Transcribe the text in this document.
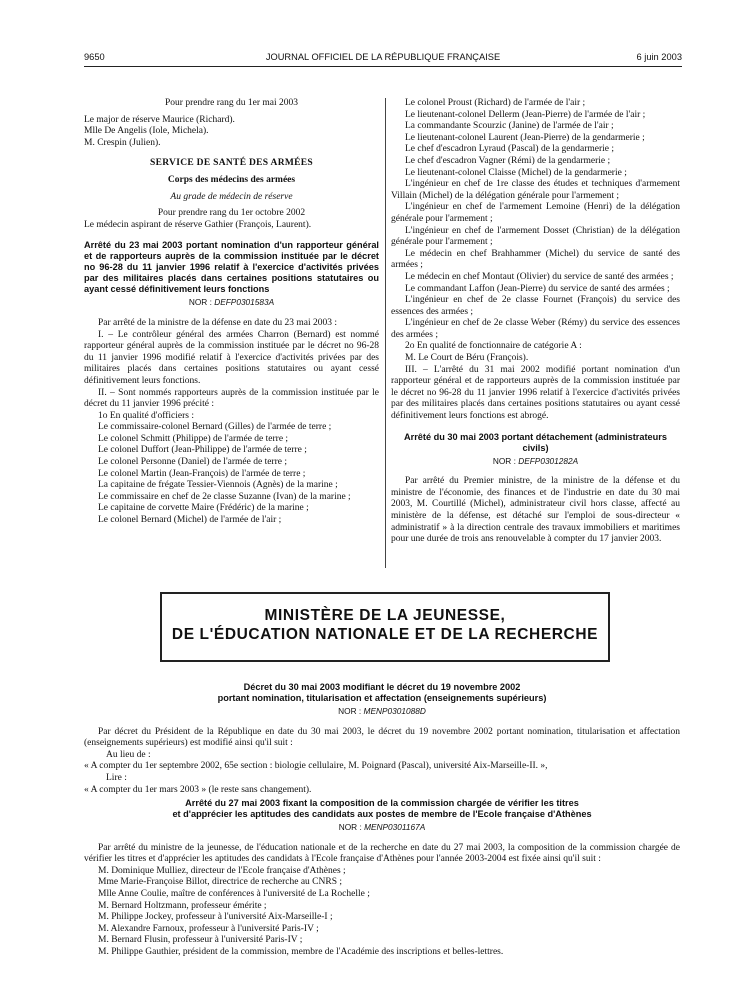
9650	JOURNAL OFFICIEL DE LA RÉPUBLIQUE FRANÇAISE	6 juin 2003

Pour prendre rang du 1er mai 2003

Le major de réserve Maurice (Richard).

Mlle De Angelis (Iole, Michela).

M. Crespin (Julien).

SERVICE DE SANTÉ DES ARMÉES

Corps des médecins des armées

Au grade de médecin de réserve

Pour prendre rang du 1er octobre 2002

Le médecin aspirant de réserve Gathier (François, Laurent).

Arrêté du 23 mai 2003 portant nomination d'un rapporteur général et de rapporteurs auprès de la commission instituée par le décret no 96-28 du 11 janvier 1996 relatif à l'exercice d'activités privées par des militaires placés dans certaines positions statutaires ou ayant cessé définitivement leurs fonctions

NOR : DEFP0301583A

Par arrêté de la ministre de la défense en date du 23 mai 2003 :

I. – Le contrôleur général des armées Charron (Bernard) est nommé rapporteur général auprès de la commission instituée par le décret no 96-28 du 11 janvier 1996 modifié relatif à l'exercice d'activités privées par des militaires placés dans certaines positions statutaires ou ayant cessé définitivement leurs fonctions.

II. – Sont nommés rapporteurs auprès de la commission instituée par le décret du 11 janvier 1996 précité :

1o En qualité d'officiers :

Le commissaire-colonel Bernard (Gilles) de l'armée de terre ;

Le colonel Schmitt (Philippe) de l'armée de terre ;

Le colonel Duffort (Jean-Philippe) de l'armée de terre ;

Le colonel Personne (Daniel) de l'armée de terre ;

Le colonel Martin (Jean-François) de l'armée de terre ;

La capitaine de frégate Tessier-Viennois (Agnès) de la marine ;

Le commissaire en chef de 2e classe Suzanne (Ivan) de la marine ;

Le capitaine de corvette Maire (Frédéric) de la marine ;

Le colonel Bernard (Michel) de l'armée de l'air ;

Le colonel Proust (Richard) de l'armée de l'air ;

Le lieutenant-colonel Dellerm (Jean-Pierre) de l'armée de l'air ;

La commandante Scourzic (Janine) de l'armée de l'air ;

Le lieutenant-colonel Laurent (Jean-Pierre) de la gendarmerie ;

Le chef d'escadron Lyraud (Pascal) de la gendarmerie ;

Le chef d'escadron Vagner (Rémi) de la gendarmerie ;

Le lieutenant-colonel Claisse (Michel) de la gendarmerie ;

L'ingénieur en chef de 1re classe des études et techniques d'armement Villain (Michel) de la délégation générale pour l'armement ;

L'ingénieur en chef de l'armement Lemoine (Henri) de la délégation générale pour l'armement ;

L'ingénieur en chef de l'armement Dosset (Christian) de la délégation générale pour l'armement ;

Le médecin en chef Brahhammer (Michel) du service de santé des armées ;

Le médecin en chef Montaut (Olivier) du service de santé des armées ;

Le commandant Laffon (Jean-Pierre) du service de santé des armées ;

L'ingénieur en chef de 2e classe Fournet (François) du service des essences des armées ;

L'ingénieur en chef de 2e classe Weber (Rémy) du service des essences des armées ;

2o En qualité de fonctionnaire de catégorie A :

M. Le Court de Béru (François).

III. – L'arrêté du 31 mai 2002 modifié portant nomination d'un rapporteur général et de rapporteurs auprès de la commission instituée par le décret no 96-28 du 11 janvier 1996 relatif à l'exercice d'activités privées par des militaires placés dans certaines positions statutaires ou ayant cessé définitivement leurs fonctions est abrogé.

Arrêté du 30 mai 2003 portant détachement (administrateurs civils)

NOR : DEFP0301282A

Par arrêté du Premier ministre, de la ministre de la défense et du ministre de l'économie, des finances et de l'industrie en date du 30 mai 2003, M. Courtillé (Michel), administrateur civil hors classe, affecté au ministère de la défense, est détaché sur l'emploi de sous-directeur « administratif » à la direction centrale des travaux immobiliers et maritimes pour une durée de trois ans renouvelable à compter du 17 janvier 2003.

MINISTÈRE DE LA JEUNESSE,
DE L'ÉDUCATION NATIONALE ET DE LA RECHERCHE

Décret du 30 mai 2003 modifiant le décret du 19 novembre 2002

portant nomination, titularisation et affectation (enseignements supérieurs)

NOR : MENP0301088D

Par décret du Président de la République en date du 30 mai 2003, le décret du 19 novembre 2002 portant nomination, titularisation et affectation (enseignements supérieurs) est modifié ainsi qu'il suit :

Au lieu de :

« A compter du 1er septembre 2002, 65e section : biologie cellulaire, M. Poignard (Pascal), université Aix-Marseille-II. »,

Lire :

« A compter du 1er mars 2003 » (le reste sans changement).

Arrêté du 27 mai 2003 fixant la composition de la commission chargée de vérifier les titres

et d'apprécier les aptitudes des candidats aux postes de membre de l'Ecole française d'Athènes

NOR : MENP0301167A

Par arrêté du ministre de la jeunesse, de l'éducation nationale et de la recherche en date du 27 mai 2003, la composition de la commission chargée de vérifier les titres et d'apprécier les aptitudes des candidats à l'Ecole française d'Athènes pour l'année 2003-2004 est fixée ainsi qu'il suit :

M. Dominique Mulliez, directeur de l'Ecole française d'Athènes ;

Mme Marie-Françoise Billot, directrice de recherche au CNRS ;

Mlle Anne Coulie, maître de conférences à l'université de La Rochelle ;

M. Bernard Holtzmann, professeur émérite ;

M. Philippe Jockey, professeur à l'université Aix-Marseille-I ;

M. Alexandre Farnoux, professeur à l'université Paris-IV ;

M. Bernard Flusin, professeur à l'université Paris-IV ;

M. Philippe Gauthier, président de la commission, membre de l'Académie des inscriptions et belles-lettres.
